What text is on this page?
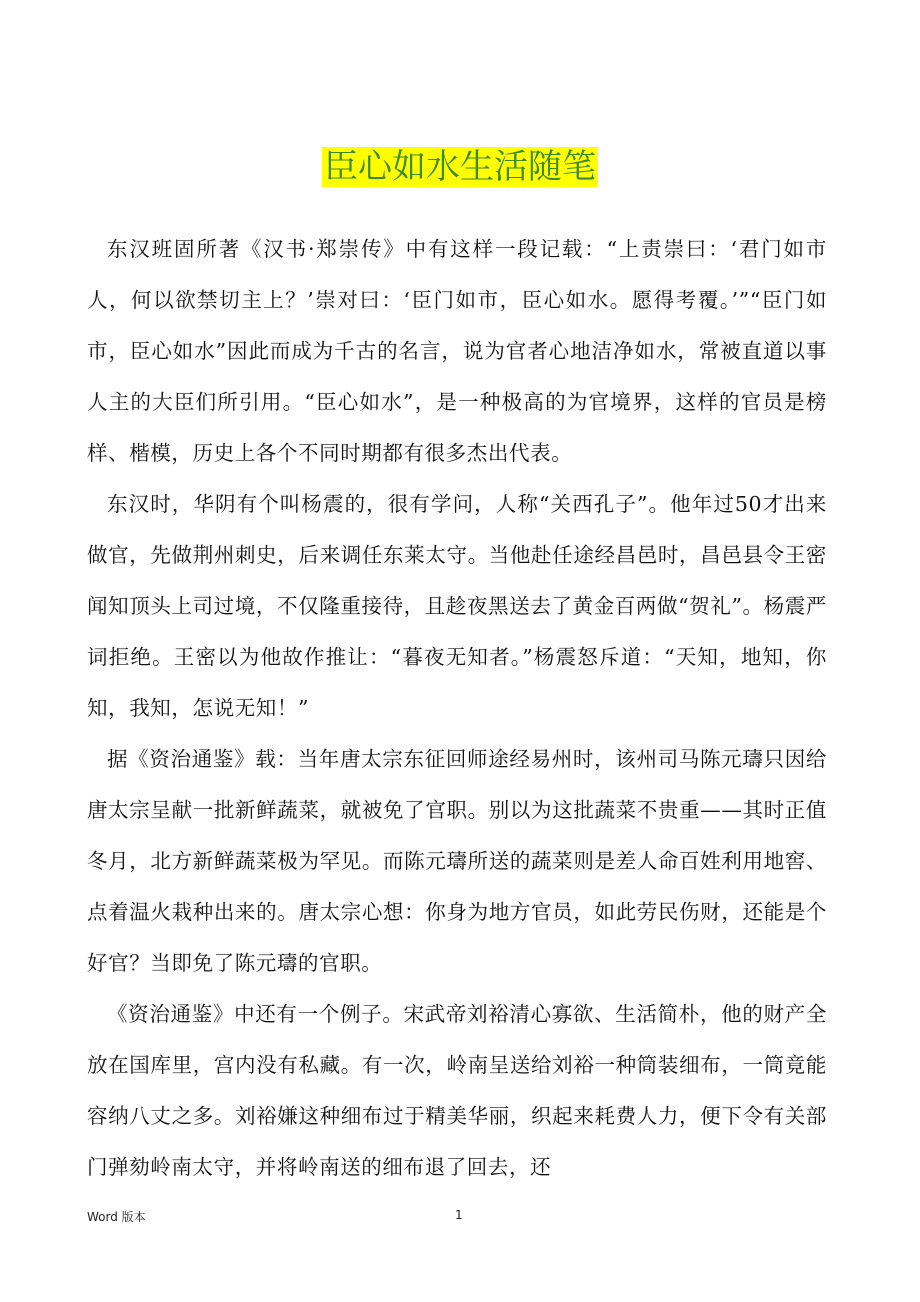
臣心如水生活随笔

东汉班固所著《汉书·郑崇传》中有这样一段记载：“上责崇曰：‘君门如市人，何以欲禁切主上？’崇对曰：‘臣门如市，臣心如水。愿得考覆。’”“臣门如市，臣心如水”因此而成为千古的名言，说为官者心地洁净如水，常被直道以事人主的大臣们所引用。“臣心如水”，是一种极高的为官境界，这样的官员是榜样、楷模，历史上各个不同时期都有很多杰出代表。

东汉时，华阴有个叫杨震的，很有学问，人称“关西孔子”。他年过50才出来做官，先做荆州刺史，后来调任东莱太守。当他赴任途经昌邑时，昌邑县令王密闻知顶头上司过境，不仅隆重接待，且趁夜黑送去了黄金百两做“贺礼”。杨震严词拒绝。王密以为他故作推让：“暮夜无知者。”杨震怒斥道：“天知，地知，你知，我知，怎说无知！”

据《资治通鉴》载：当年唐太宗东征回师途经易州时，该州司马陈元璹只因给唐太宗呈献一批新鲜蔬菜，就被免了官职。别以为这批蔬菜不贵重——其时正值冬月，北方新鲜蔬菜极为罕见。而陈元璹所送的蔬菜则是差人命百姓利用地窖、点着温火栽种出来的。唐太宗心想：你身为地方官员，如此劳民伤财，还能是个好官？当即免了陈元璹的官职。

《资治通鉴》中还有一个例子。宋武帝刘裕清心寡欲、生活简朴，他的财产全放在国库里，宫内没有私藏。有一次，岭南呈送给刘裕一种筒装细布，一筒竟能容纳八丈之多。刘裕嫌这种细布过于精美华丽，织起来耗费人力，便下令有关部门弹劾岭南太守，并将岭南送的细布退了回去，还

Word 版本	1
